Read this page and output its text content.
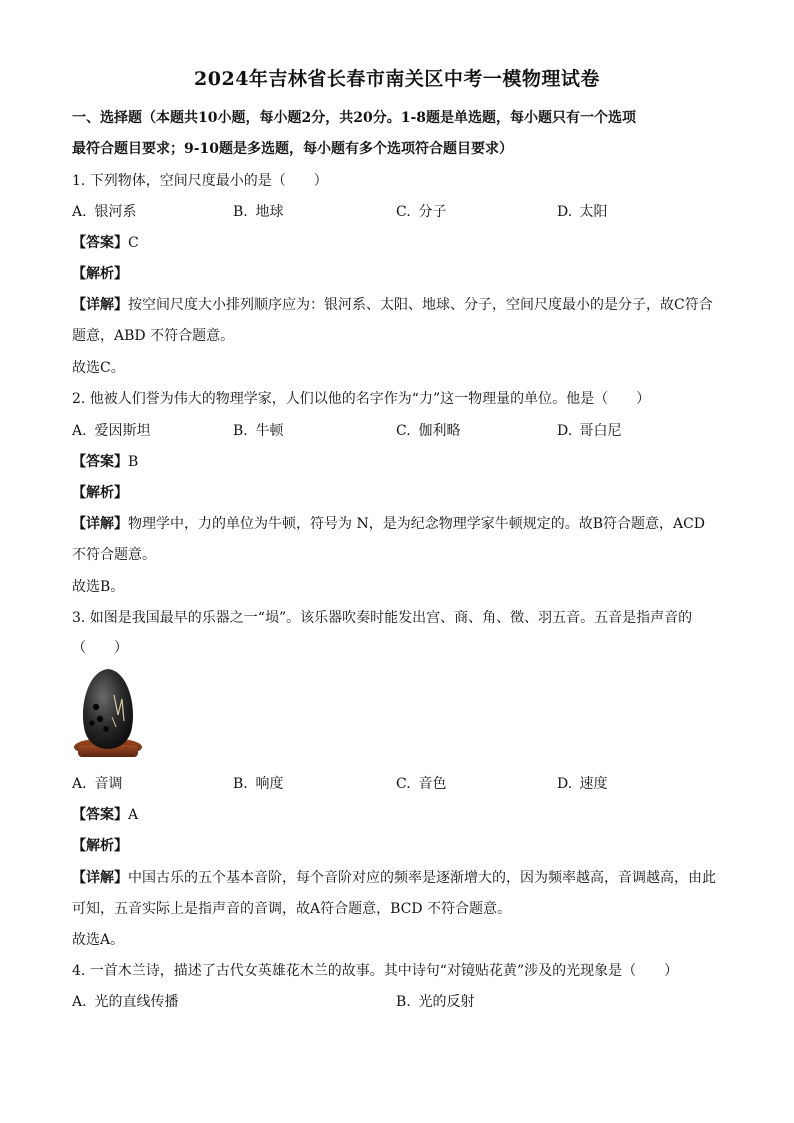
2024年吉林省长春市南关区中考一模物理试卷
一、选择题（本题共10小题，每小题2分，共20分。1-8题是单选题，每小题只有一个选项
最符合题目要求；9-10题是多选题，每小题有多个选项符合题目要求）
1. 下列物体，空间尺度最小的是（　　）
A. 银河系	B. 地球	C. 分子	D. 太阳
【答案】C
【解析】
【详解】按空间尺度大小排列顺序应为：银河系、太阳、地球、分子，空间尺度最小的是分子，故C符合
题意，ABD 不符合题意。
故选C。
2. 他被人们誉为伟大的物理学家，人们以他的名字作为“力”这一物理量的单位。他是（　　）
A. 爱因斯坦	B. 牛顿	C. 伽利略	D. 哥白尼
【答案】B
【解析】
【详解】物理学中，力的单位为牛顿，符号为 N，是为纪念物理学家牛顿规定的。故B符合题意，ACD
不符合题意。
故选B。
3. 如图是我国最早的乐器之一“埙”。该乐器吹奏时能发出宫、商、角、徵、羽五音。五音是指声音的
（　　）
A. 音调	B. 响度	C. 音色	D. 速度
【答案】A
【解析】
【详解】中国古乐的五个基本音阶，每个音阶对应的频率是逐渐增大的，因为频率越高，音调越高，由此
可知，五音实际上是指声音的音调，故A符合题意，BCD 不符合题意。
故选A。
4. 一首木兰诗，描述了古代女英雄花木兰的故事。其中诗句“对镜贴花黄”涉及的光现象是（　　）
A. 光的直线传播	B. 光的反射
